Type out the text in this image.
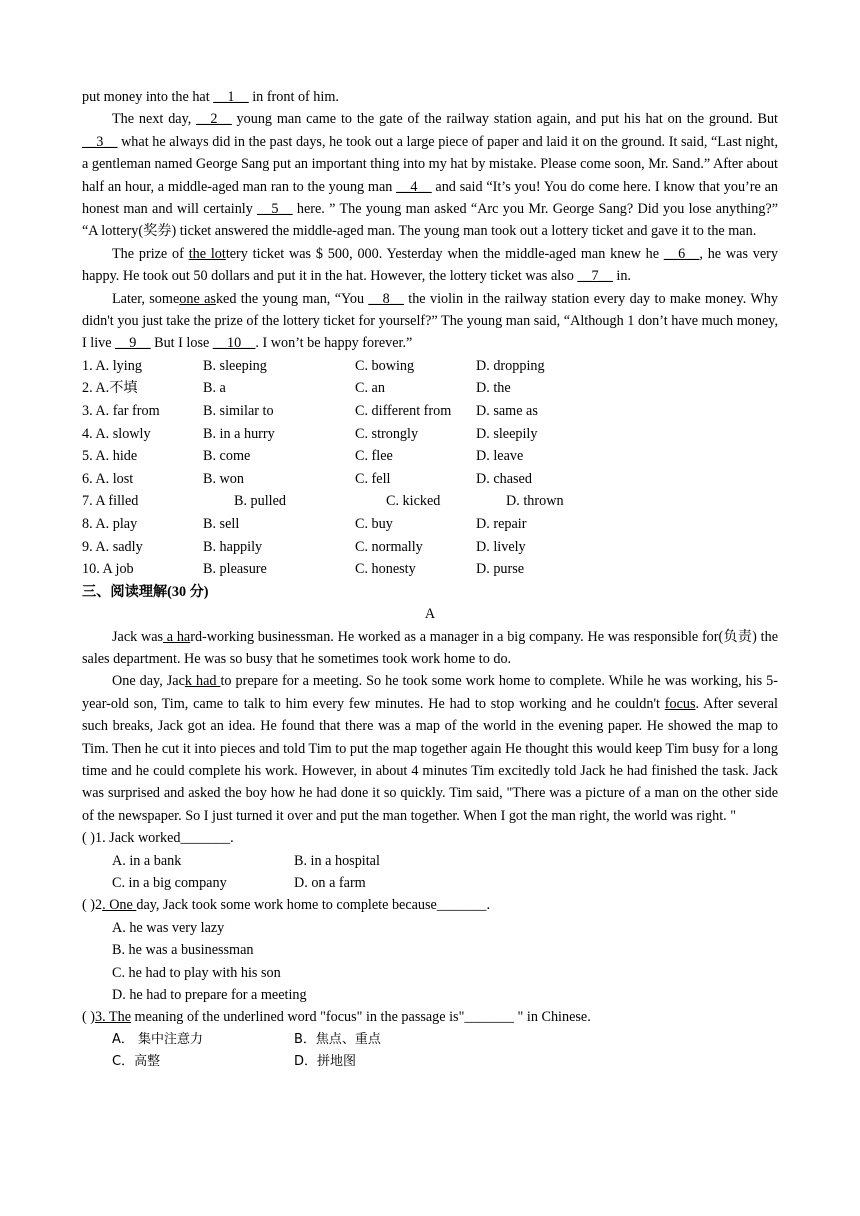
put money into the hat __1__ in front of him.

The next day, __2__ young man came to the gate of the railway station again, and put his hat on the ground. But __3__ what he always did in the past days, he took out a large piece of paper and laid it on the ground. It said, “Last night, a gentleman named George Sang put an important thing into my hat by mistake. Please come soon, Mr. Sand.” After about half an hour, a middle-aged man ran to the young man __4__ and said “It’s you! You do come here. I know that you’re an honest man and will certainly __5__ here. ” The young man asked “Arc you Mr. George Sang? Did you lose anything?” “A lottery(奖券) ticket answered the middle-aged man. The young man took out a lottery ticket and gave it to the man.

The prize of the lottery ticket was $ 500, 000. Yesterday when the middle-aged man knew he __6__, he was very happy. He took out 50 dollars and put it in the hat. However, the lottery ticket was also __7__ in.

Later, someone asked the young man, “You __8__ the violin in the railway station every day to make money. Why didn't you just take the prize of the lottery ticket for yourself?” The young man said, “Although 1 don’t have much money, I live __9__ But I lose __10__. I won’t be happy forever.”

1. A. lying	B. sleeping	C. bowing	D. dropping
2. A.不填	B. a	C. an	D. the
3. A. far from	B. similar to	C. different from D. same as
4. A. slowly	B. in a hurry	C. strongly	D. sleepily
5. A. hide	B. come	C. flee	D. leave
6. A. lost	B. won	C. fell	D. chased
7. A filled	B. pulled	C. kicked	D. thrown
8. A. play	B. sell	C. buy	D. repair
9. A. sadly	B. happily	C. normally	D. lively
10. A job	B. pleasure	C. honesty	D. purse
三、阅读理解(30 分)
A

Jack was a hard-working businessman. He worked as a manager in a big company. He was responsible for(负责) the sales department. He was so busy that he sometimes took work home to do.

One day, Jack had to prepare for a meeting. So he took some work home to complete. While he was working, his 5-year-old son, Tim, came to talk to him every few minutes. He had to stop working and he couldn't focus. After several such breaks, Jack got an idea. He found that there was a map of the world in the evening paper. He showed the map to Tim. Then he cut it into pieces and told Tim to put the map together again He thought this would keep Tim busy for a long time and he could complete his work. However, in about 4 minutes Tim excitedly told Jack he had finished the task. Jack was surprised and asked the boy how he had done it so quickly. Tim said, "There was a picture of a man on the other side of the newspaper. So I just turned it over and put the man together. When I got the man right, the world was right. "

( )1. Jack worked_______.
A. in a bank	B. in a hospital
C. in a big company	D. on a farm
( )2. One day, Jack took some work home to complete because_______.
A. he was very lazy
B. he was a businessman
C. he had to play with his son
D. he had to prepare for a meeting
( )3. The meaning of the underlined word "focus" in the passage is"_______ " in Chinese.
A． 集中注意力	B．焦点、重点
C．高整	D．拼地图
